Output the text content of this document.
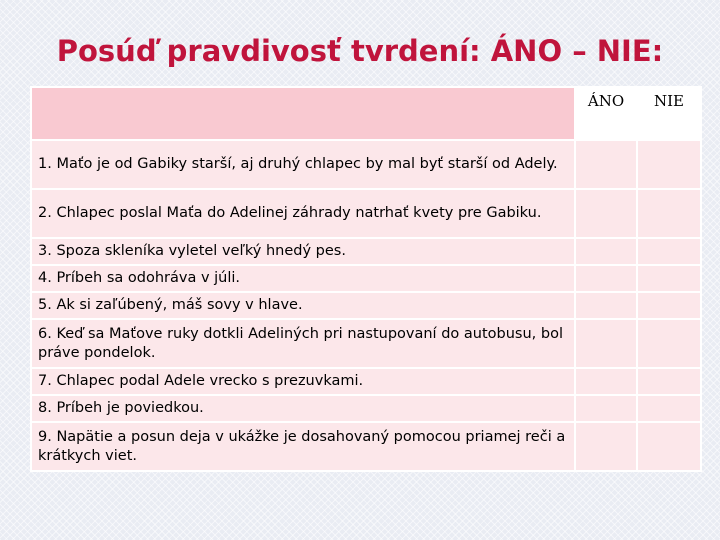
Posúď pravdivosť tvrdení: ÁNO – NIE:
	ÁNO	NIE
1. Maťo je od Gabiky starší, aj druhý chlapec by mal byť starší od Adely.		
2. Chlapec poslal Maťa do Adelinej záhrady natrhať kvety pre Gabiku.		
3. Spoza skleníka vyletel veľký hnedý pes.		
4. Príbeh sa odohráva v júli.		
5. Ak si zaľúbený, máš sovy v hlave.		
6. Keď sa Maťove ruky dotkli Adeliných pri nastupovaní do autobusu, bol práve pondelok.		
7. Chlapec podal Adele vrecko s prezuvkami.		
8. Príbeh je poviedkou.		
9. Napätie a posun deja v ukážke je dosahovaný pomocou priamej reči a krátkych viet.		
